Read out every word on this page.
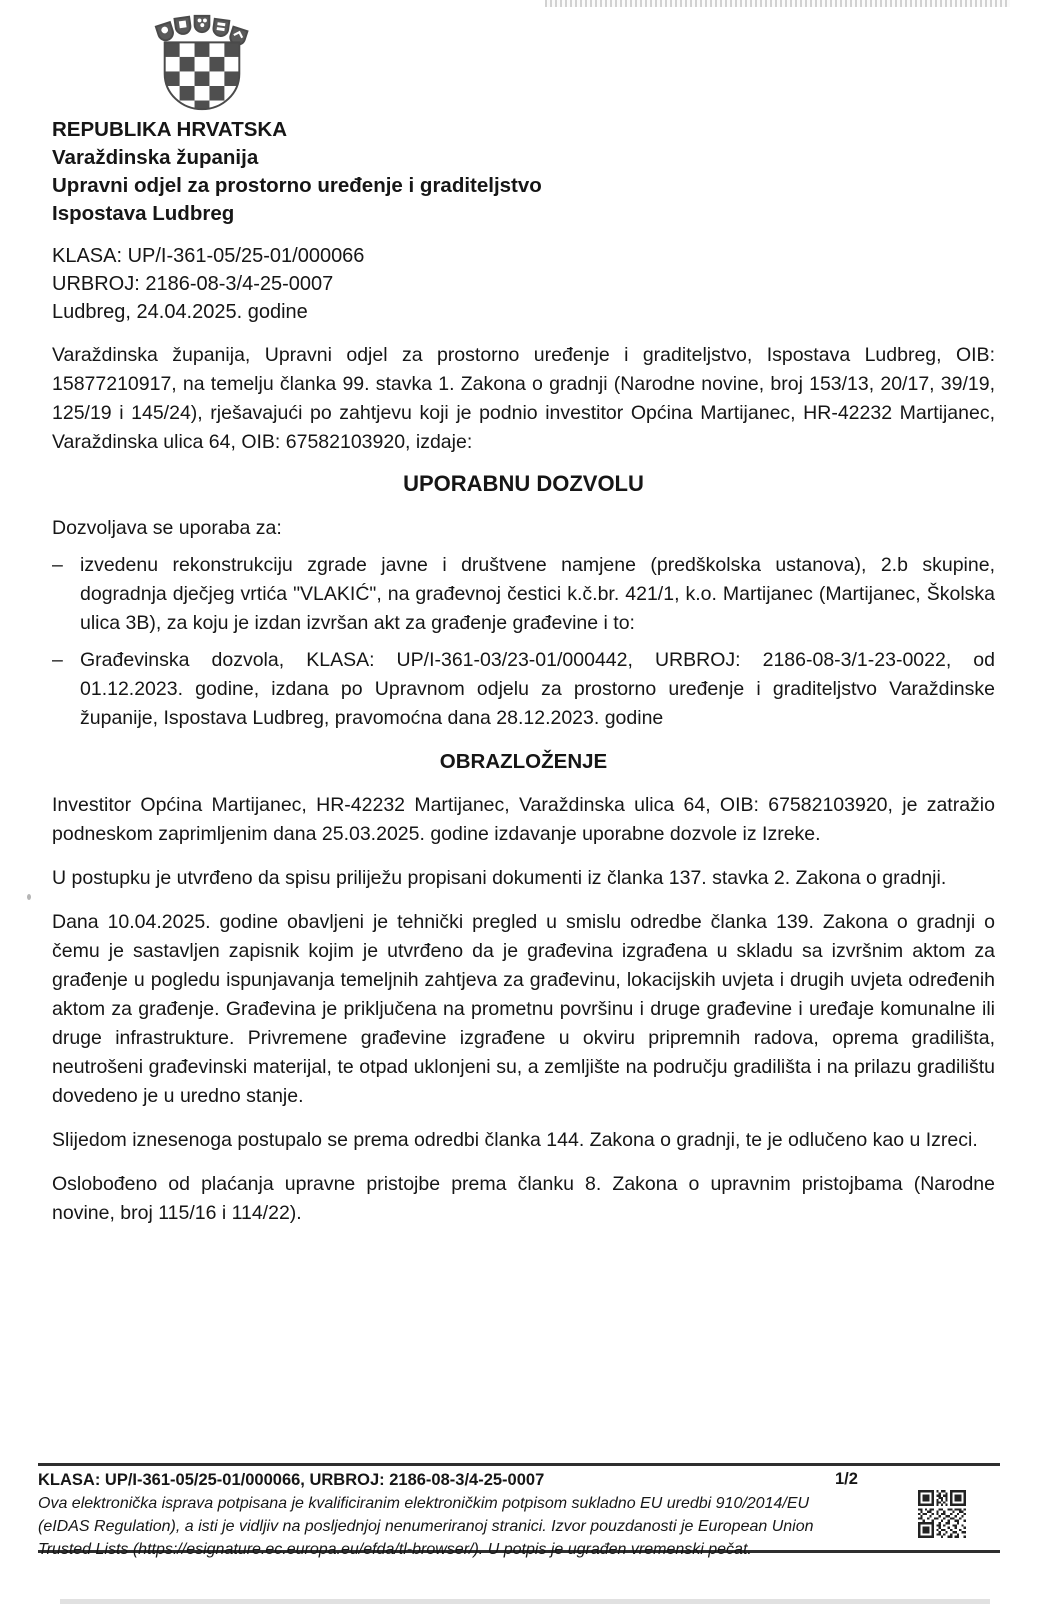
REPUBLIKA HRVATSKA
Varaždinska županija
Upravni odjel za prostorno uređenje i graditeljstvo
Ispostava Ludbreg
KLASA: UP/I-361-05/25-01/000066
URBROJ: 2186-08-3/4-25-0007
Ludbreg, 24.04.2025. godine

Varaždinska županija, Upravni odjel za prostorno uređenje i graditeljstvo, Ispostava Ludbreg, OIB: 15877210917, na temelju članka 99. stavka 1. Zakona o gradnji (Narodne novine, broj 153/13, 20/17, 39/19, 125/19 i 145/24), rješavajući po zahtjevu koji je podnio investitor Općina Martijanec, HR-42232 Martijanec, Varaždinska ulica 64, OIB: 67582103920, izdaje:

UPORABNU DOZVOLU
Dozvoljava se uporaba za:
– izvedenu rekonstrukciju zgrade javne i društvene namjene (predškolska ustanova), 2.b skupine, dogradnja dječjeg vrtića "VLAKIĆ", na građevnoj čestici k.č.br. 421/1, k.o. Martijanec (Martijanec, Školska ulica 3B), za koju je izdan izvršan akt za građenje građevine i to:
– Građevinska dozvola, KLASA: UP/I-361-03/23-01/000442, URBROJ: 2186-08-3/1-23-0022, od 01.12.2023. godine, izdana po Upravnom odjelu za prostorno uređenje i graditeljstvo Varaždinske županije, Ispostava Ludbreg, pravomoćna dana 28.12.2023. godine
OBRAZLOŽENJE

Investitor Općina Martijanec, HR-42232 Martijanec, Varaždinska ulica 64, OIB: 67582103920, je zatražio podneskom zaprimljenim dana 25.03.2025. godine izdavanje uporabne dozvole iz Izreke.

U postupku je utvrđeno da spisu priliježu propisani dokumenti iz članka 137. stavka 2. Zakona o gradnji.

Dana 10.04.2025. godine obavljeni je tehnički pregled u smislu odredbe članka 139. Zakona o gradnji o čemu je sastavljen zapisnik kojim je utvrđeno da je građevina izgrađena u skladu sa izvršnim aktom za građenje u pogledu ispunjavanja temeljnih zahtjeva za građevinu, lokacijskih uvjeta i drugih uvjeta određenih aktom za građenje. Građevina je priključena na prometnu površinu i druge građevine i uređaje komunalne ili druge infrastrukture. Privremene građevine izgrađene u okviru pripremnih radova, oprema gradilišta, neutrošeni građevinski materijal, te otpad uklonjeni su, a zemljište na području gradilišta i na prilazu gradilištu dovedeno je u uredno stanje.

Slijedom iznesenoga postupalo se prema odredbi članka 144. Zakona o gradnji, te je odlučeno kao u Izreci.

Oslobođeno od plaćanja upravne pristojbe prema članku 8. Zakona o upravnim pristojbama (Narodne novine, broj 115/16 i 114/22).

KLASA: UP/I-361-05/25-01/000066, URBROJ: 2186-08-3/4-25-0007	1/2
Ova elektronička isprava potpisana je kvalificiranim elektroničkim potpisom sukladno EU uredbi 910/2014/EU (eIDAS Regulation), a isti je vidljiv na posljednjoj nenumeriranoj stranici. Izvor pouzdanosti je European Union Trusted Lists (https://esignature.ec.europa.eu/efda/tl-browser/). U potpis je ugrađen vremenski pečat.
